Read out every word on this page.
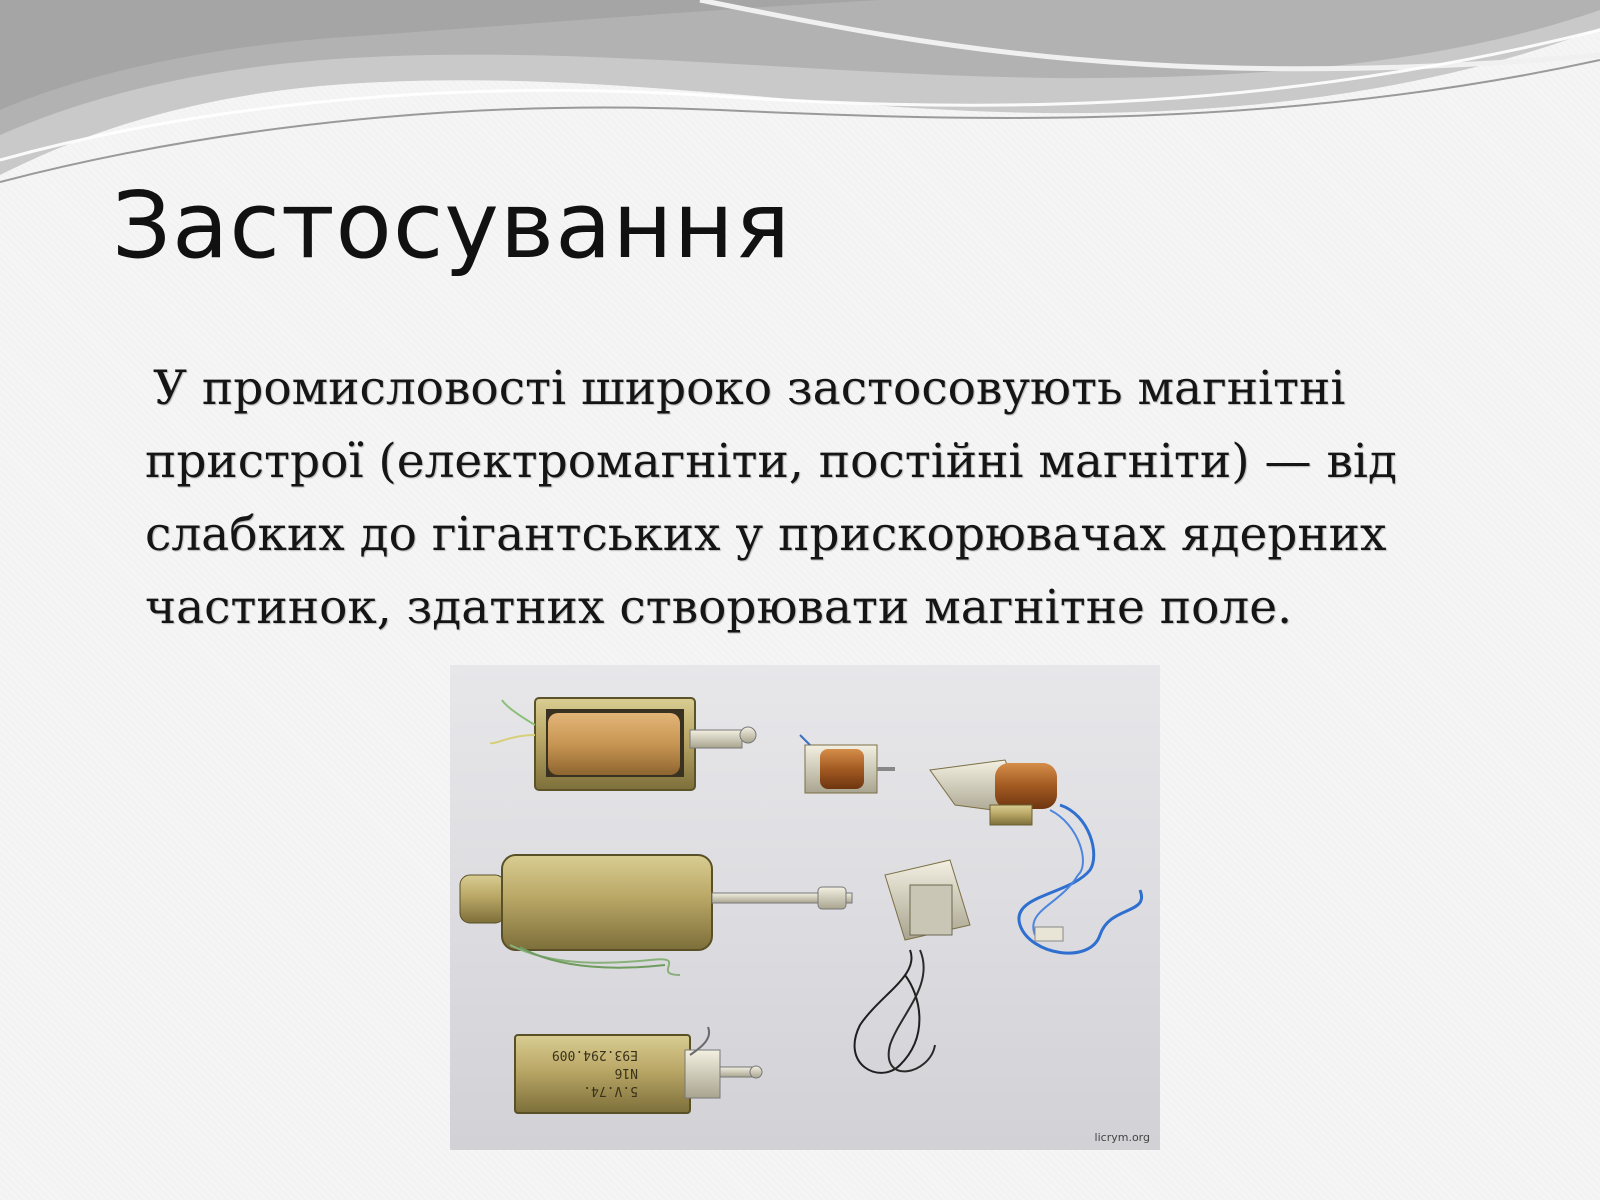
Застосування

У промисловості широко застосовують магнітні пристрої (електромагніти, постійні магніти) — від слабких до гігантських у прискорювачах ядерних частинок, здатних створювати магнітне поле.

5.V.74.
N16
E93.294.009
licrym.org
